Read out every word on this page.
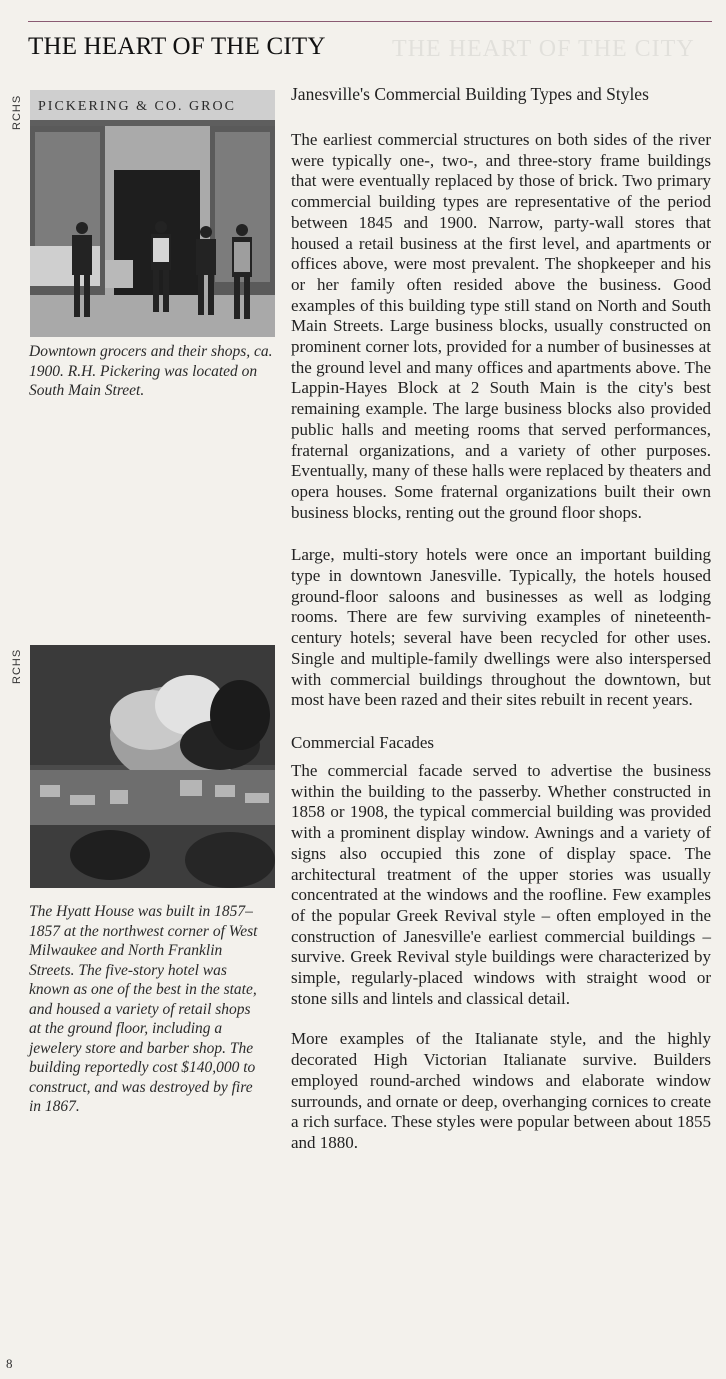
THE HEART OF THE CITY	THE HEART OF THE CITY
RCHS PICKERING & CO. GROC

Downtown grocers and their shops, ca. 1900. R.H. Pickering was located on South Main Street.

RCHS

The Hyatt House was built in 1857–1857 at the northwest corner of West Milwaukee and North Franklin Streets. The five-story hotel was known as one of the best in the state, and housed a variety of retail shops at the ground floor, including a jewelery store and barber shop. The building reportedly cost $140,000 to construct, and was destroyed by fire in 1867.

Janesville's Commercial Building Types and Styles

The earliest commercial structures on both sides of the river were typically one-, two-, and three-story frame buildings that were eventually replaced by those of brick. Two primary commercial building types are representative of the period between 1845 and 1900. Narrow, party-wall stores that housed a retail business at the first level, and apartments or offices above, were most prevalent. The shopkeeper and his or her family often resided above the business. Good examples of this building type still stand on North and South Main Streets. Large business blocks, usually constructed on prominent corner lots, provided for a number of businesses at the ground level and many offices and apartments above. The Lappin-Hayes Block at 2 South Main is the city's best remaining example. The large business blocks also provided public halls and meeting rooms that served performances, fraternal organizations, and a variety of other purposes. Eventually, many of these halls were replaced by theaters and opera houses. Some fraternal organizations built their own business blocks, renting out the ground floor shops.

Large, multi-story hotels were once an important building type in downtown Janesville. Typically, the hotels housed ground-floor saloons and businesses as well as lodging rooms. There are few surviving examples of nineteenth-century hotels; several have been recycled for other uses. Single and multiple-family dwellings were also interspersed with commercial buildings throughout the downtown, but most have been razed and their sites rebuilt in recent years.

Commercial Facades

The commercial facade served to advertise the business within the building to the passerby. Whether constructed in 1858 or 1908, the typical commercial building was provided with a prominent display window. Awnings and a variety of signs also occupied this zone of display space. The architectural treatment of the upper stories was usually concentrated at the windows and the roofline. Few examples of the popular Greek Revival style – often employed in the construction of Janesville'e earliest commercial buildings – survive. Greek Revival style buildings were characterized by simple, regularly-placed windows with straight wood or stone sills and lintels and classical detail.

More examples of the Italianate style, and the highly decorated High Victorian Italianate survive. Builders employed round-arched windows and elaborate window surrounds, and ornate or deep, overhanging cornices to create a rich surface. These styles were popular between about 1855 and 1880.

8
